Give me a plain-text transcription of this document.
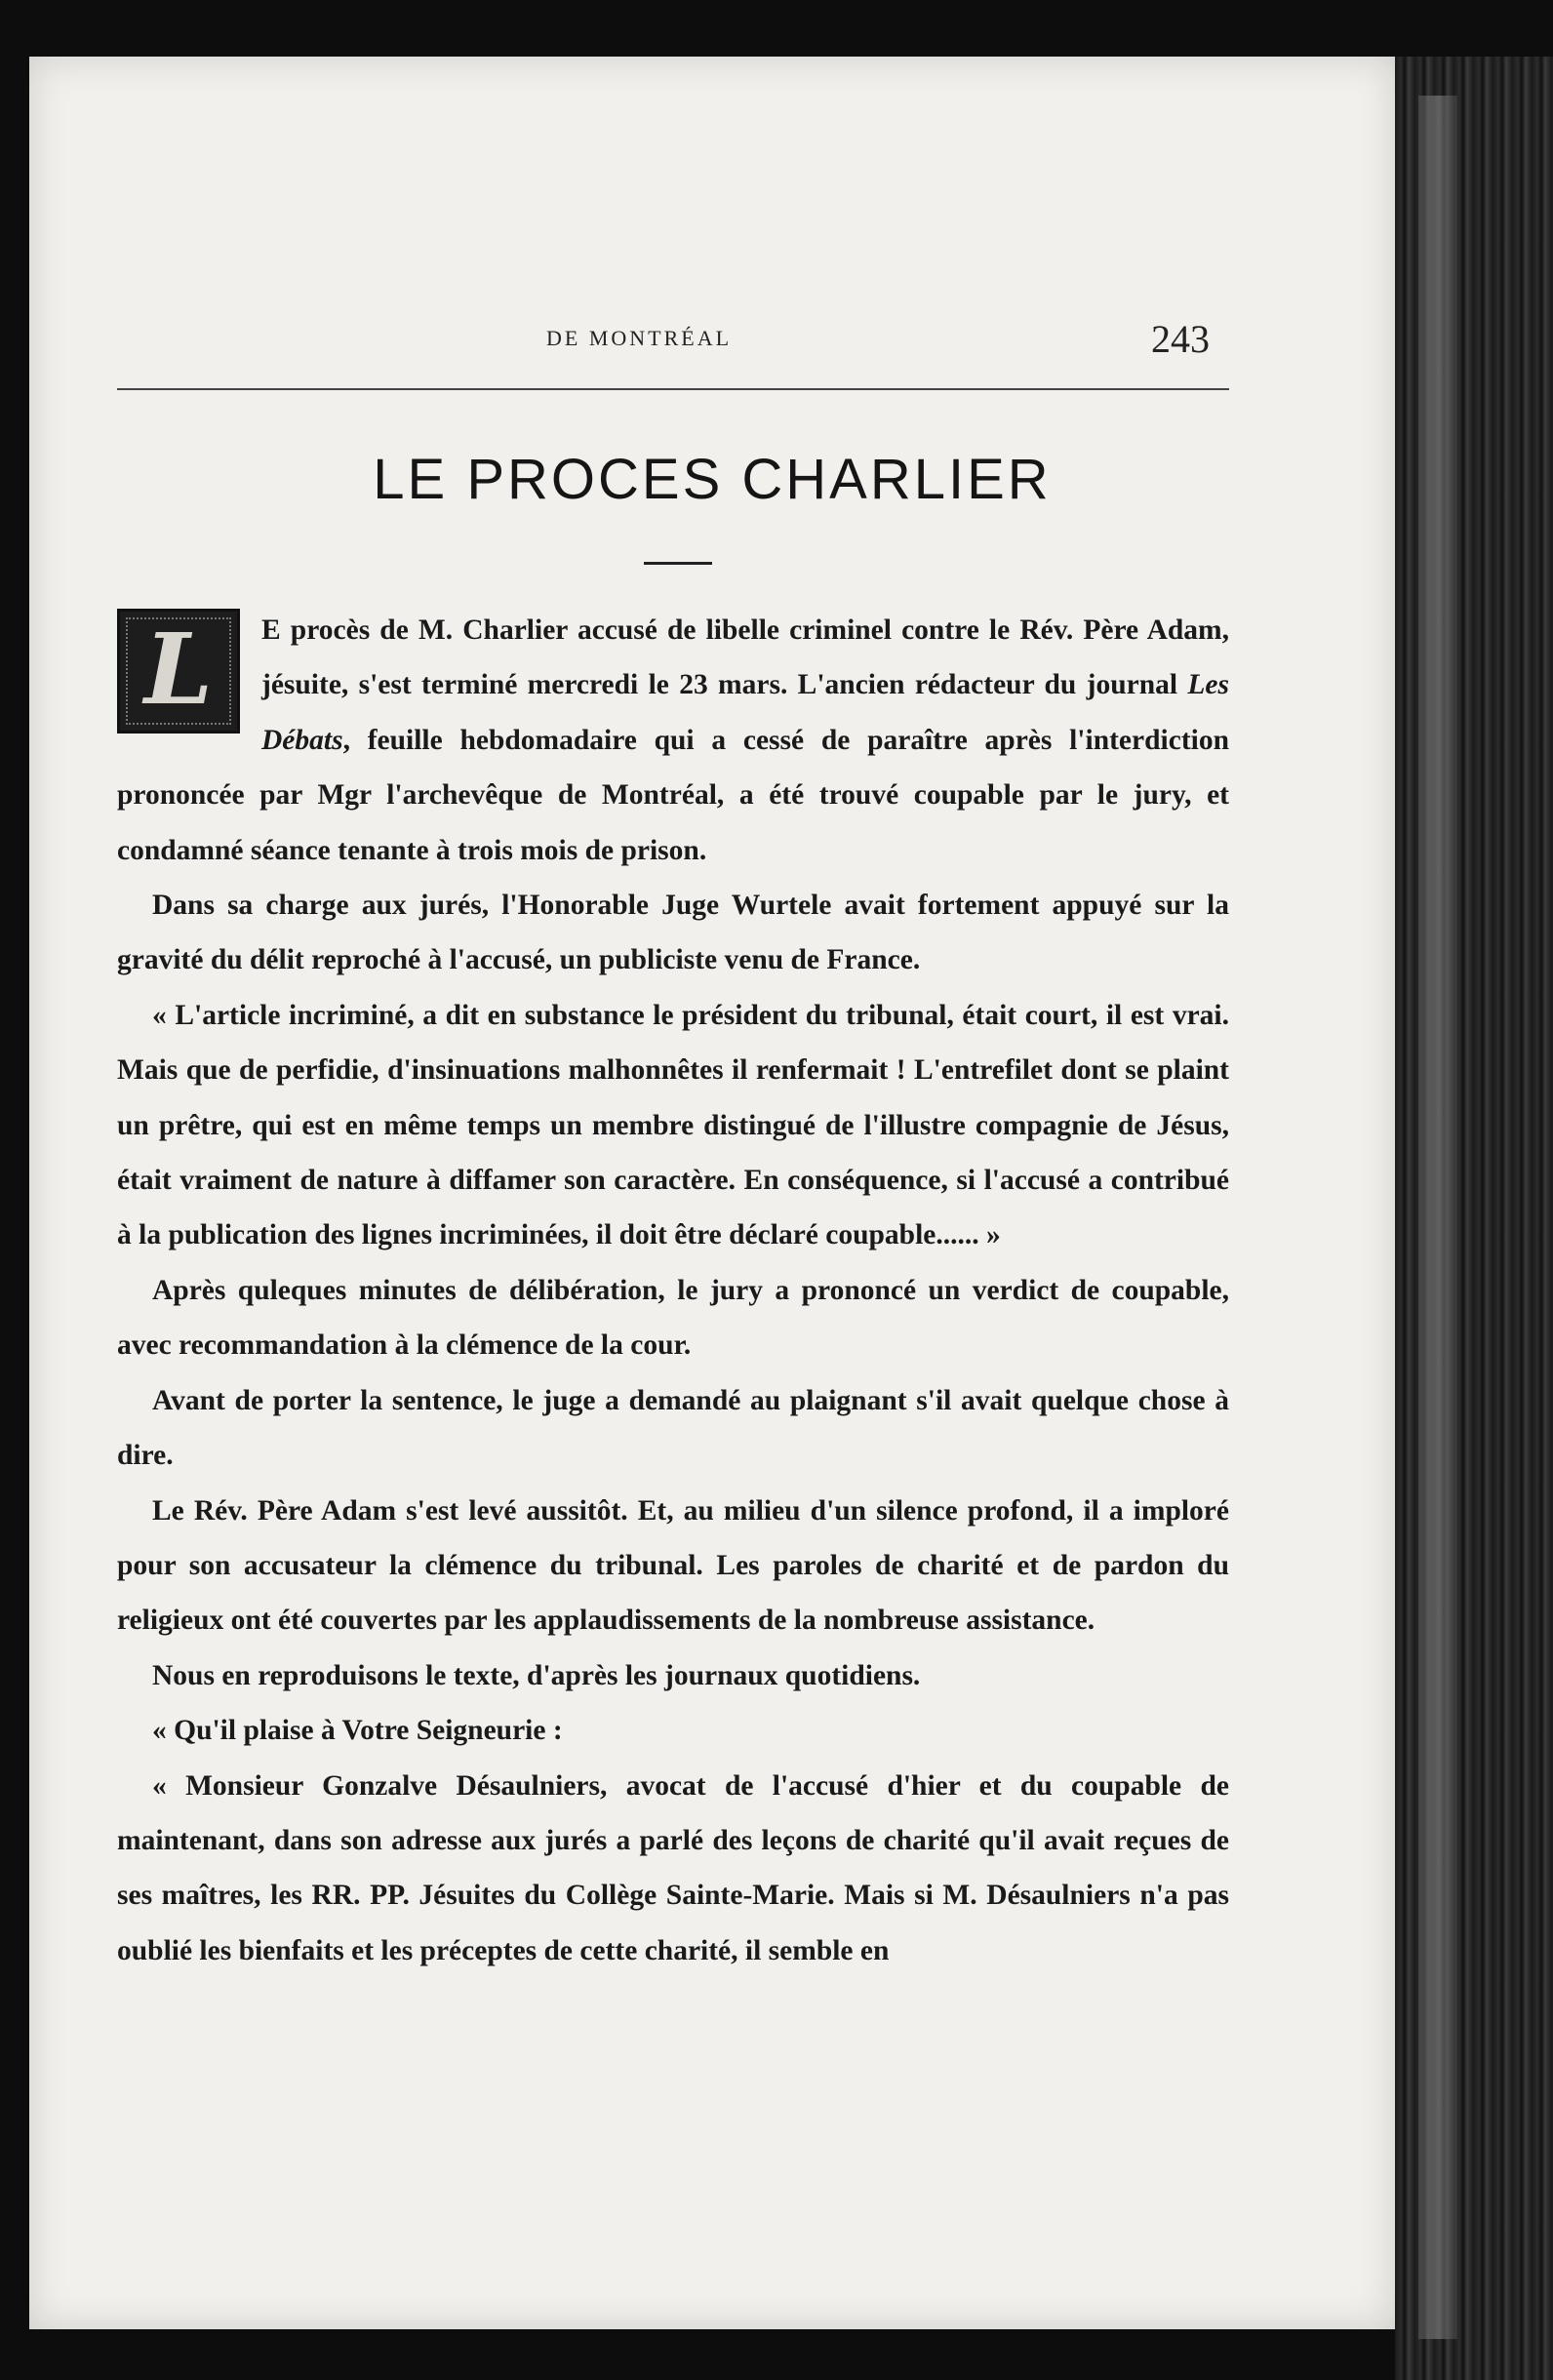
DE MONTRÉAL	243
LE PROCES CHARLIER

L	E procès de M. Charlier accusé de libelle criminel contre le Rév. Père Adam, jésuite, s'est terminé mercredi le 23 mars. L'ancien rédacteur du journal Les Débats, feuille hebdomadaire qui a cessé de paraître après l'interdiction prononcée par Mgr l'archevêque de Montréal, a été trouvé coupable par le jury, et condamné séance tenante à trois mois de prison.

Dans sa charge aux jurés, l'Honorable Juge Wurtele avait fortement appuyé sur la gravité du délit reproché à l'accusé, un publiciste venu de France.

« L'article incriminé, a dit en substance le président du tribunal, était court, il est vrai. Mais que de perfidie, d'insinuations malhonnêtes il renfermait ! L'entrefilet dont se plaint un prêtre, qui est en même temps un membre distingué de l'illustre compagnie de Jésus, était vraiment de nature à diffamer son caractère. En conséquence, si l'accusé a contribué à la publication des lignes incriminées, il doit être déclaré coupable...... »

Après quleques minutes de délibération, le jury a prononcé un verdict de coupable, avec recommandation à la clémence de la cour.

Avant de porter la sentence, le juge a demandé au plaignant s'il avait quelque chose à dire.

Le Rév. Père Adam s'est levé aussitôt. Et, au milieu d'un silence profond, il a imploré pour son accusateur la clémence du tribunal. Les paroles de charité et de pardon du religieux ont été couvertes par les applaudissements de la nombreuse assistance.

Nous en reproduisons le texte, d'après les journaux quotidiens.

« Qu'il plaise à Votre Seigneurie :

« Monsieur Gonzalve Désaulniers, avocat de l'accusé d'hier et du coupable de maintenant, dans son adresse aux jurés a parlé des leçons de charité qu'il avait reçues de ses maîtres, les RR. PP. Jésuites du Collège Sainte-Marie. Mais si M. Désaulniers n'a pas oublié les bienfaits et les préceptes de cette charité, il semble en
